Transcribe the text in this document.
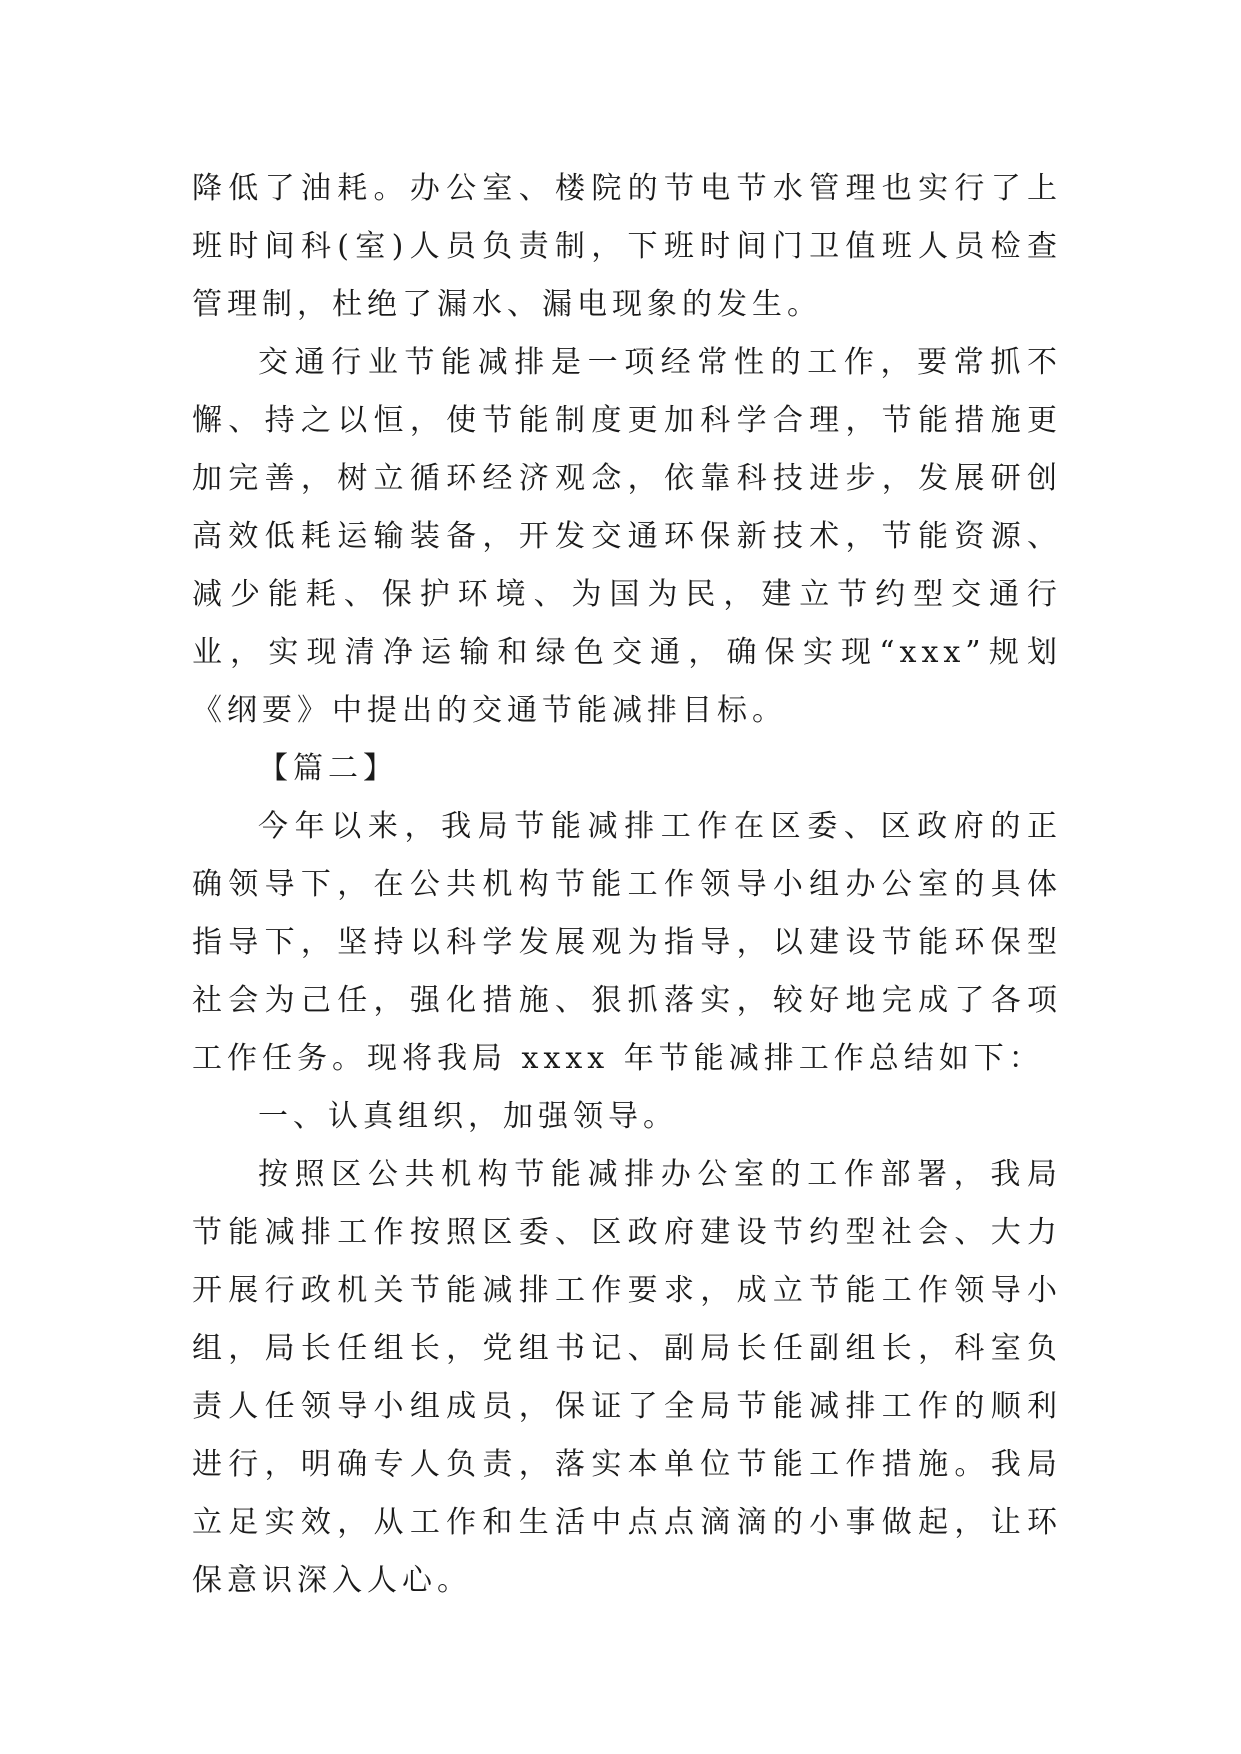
降低了油耗。办公室、楼院的节电节水管理也实行了上班时间科(室)人员负责制，下班时间门卫值班人员检查管理制，杜绝了漏水、漏电现象的发生。

交通行业节能减排是一项经常性的工作，要常抓不懈、持之以恒，使节能制度更加科学合理，节能措施更加完善，树立循环经济观念，依靠科技进步，发展研创高效低耗运输装备，开发交通环保新技术，节能资源、减少能耗、保护环境、为国为民，建立节约型交通行业，实现清净运输和绿色交通，确保实现“xxx”规划《纲要》中提出的交通节能减排目标。

【篇二】

今年以来，我局节能减排工作在区委、区政府的正确领导下，在公共机构节能工作领导小组办公室的具体指导下，坚持以科学发展观为指导，以建设节能环保型社会为己任，强化措施、狠抓落实，较好地完成了各项工作任务。现将我局 xxxx 年节能减排工作总结如下：

一、认真组织，加强领导。

按照区公共机构节能减排办公室的工作部署，我局节能减排工作按照区委、区政府建设节约型社会、大力开展行政机关节能减排工作要求，成立节能工作领导小组，局长任组长，党组书记、副局长任副组长，科室负责人任领导小组成员，保证了全局节能减排工作的顺利进行，明确专人负责，落实本单位节能工作措施。我局立足实效，从工作和生活中点点滴滴的小事做起，让环保意识深入人心。
